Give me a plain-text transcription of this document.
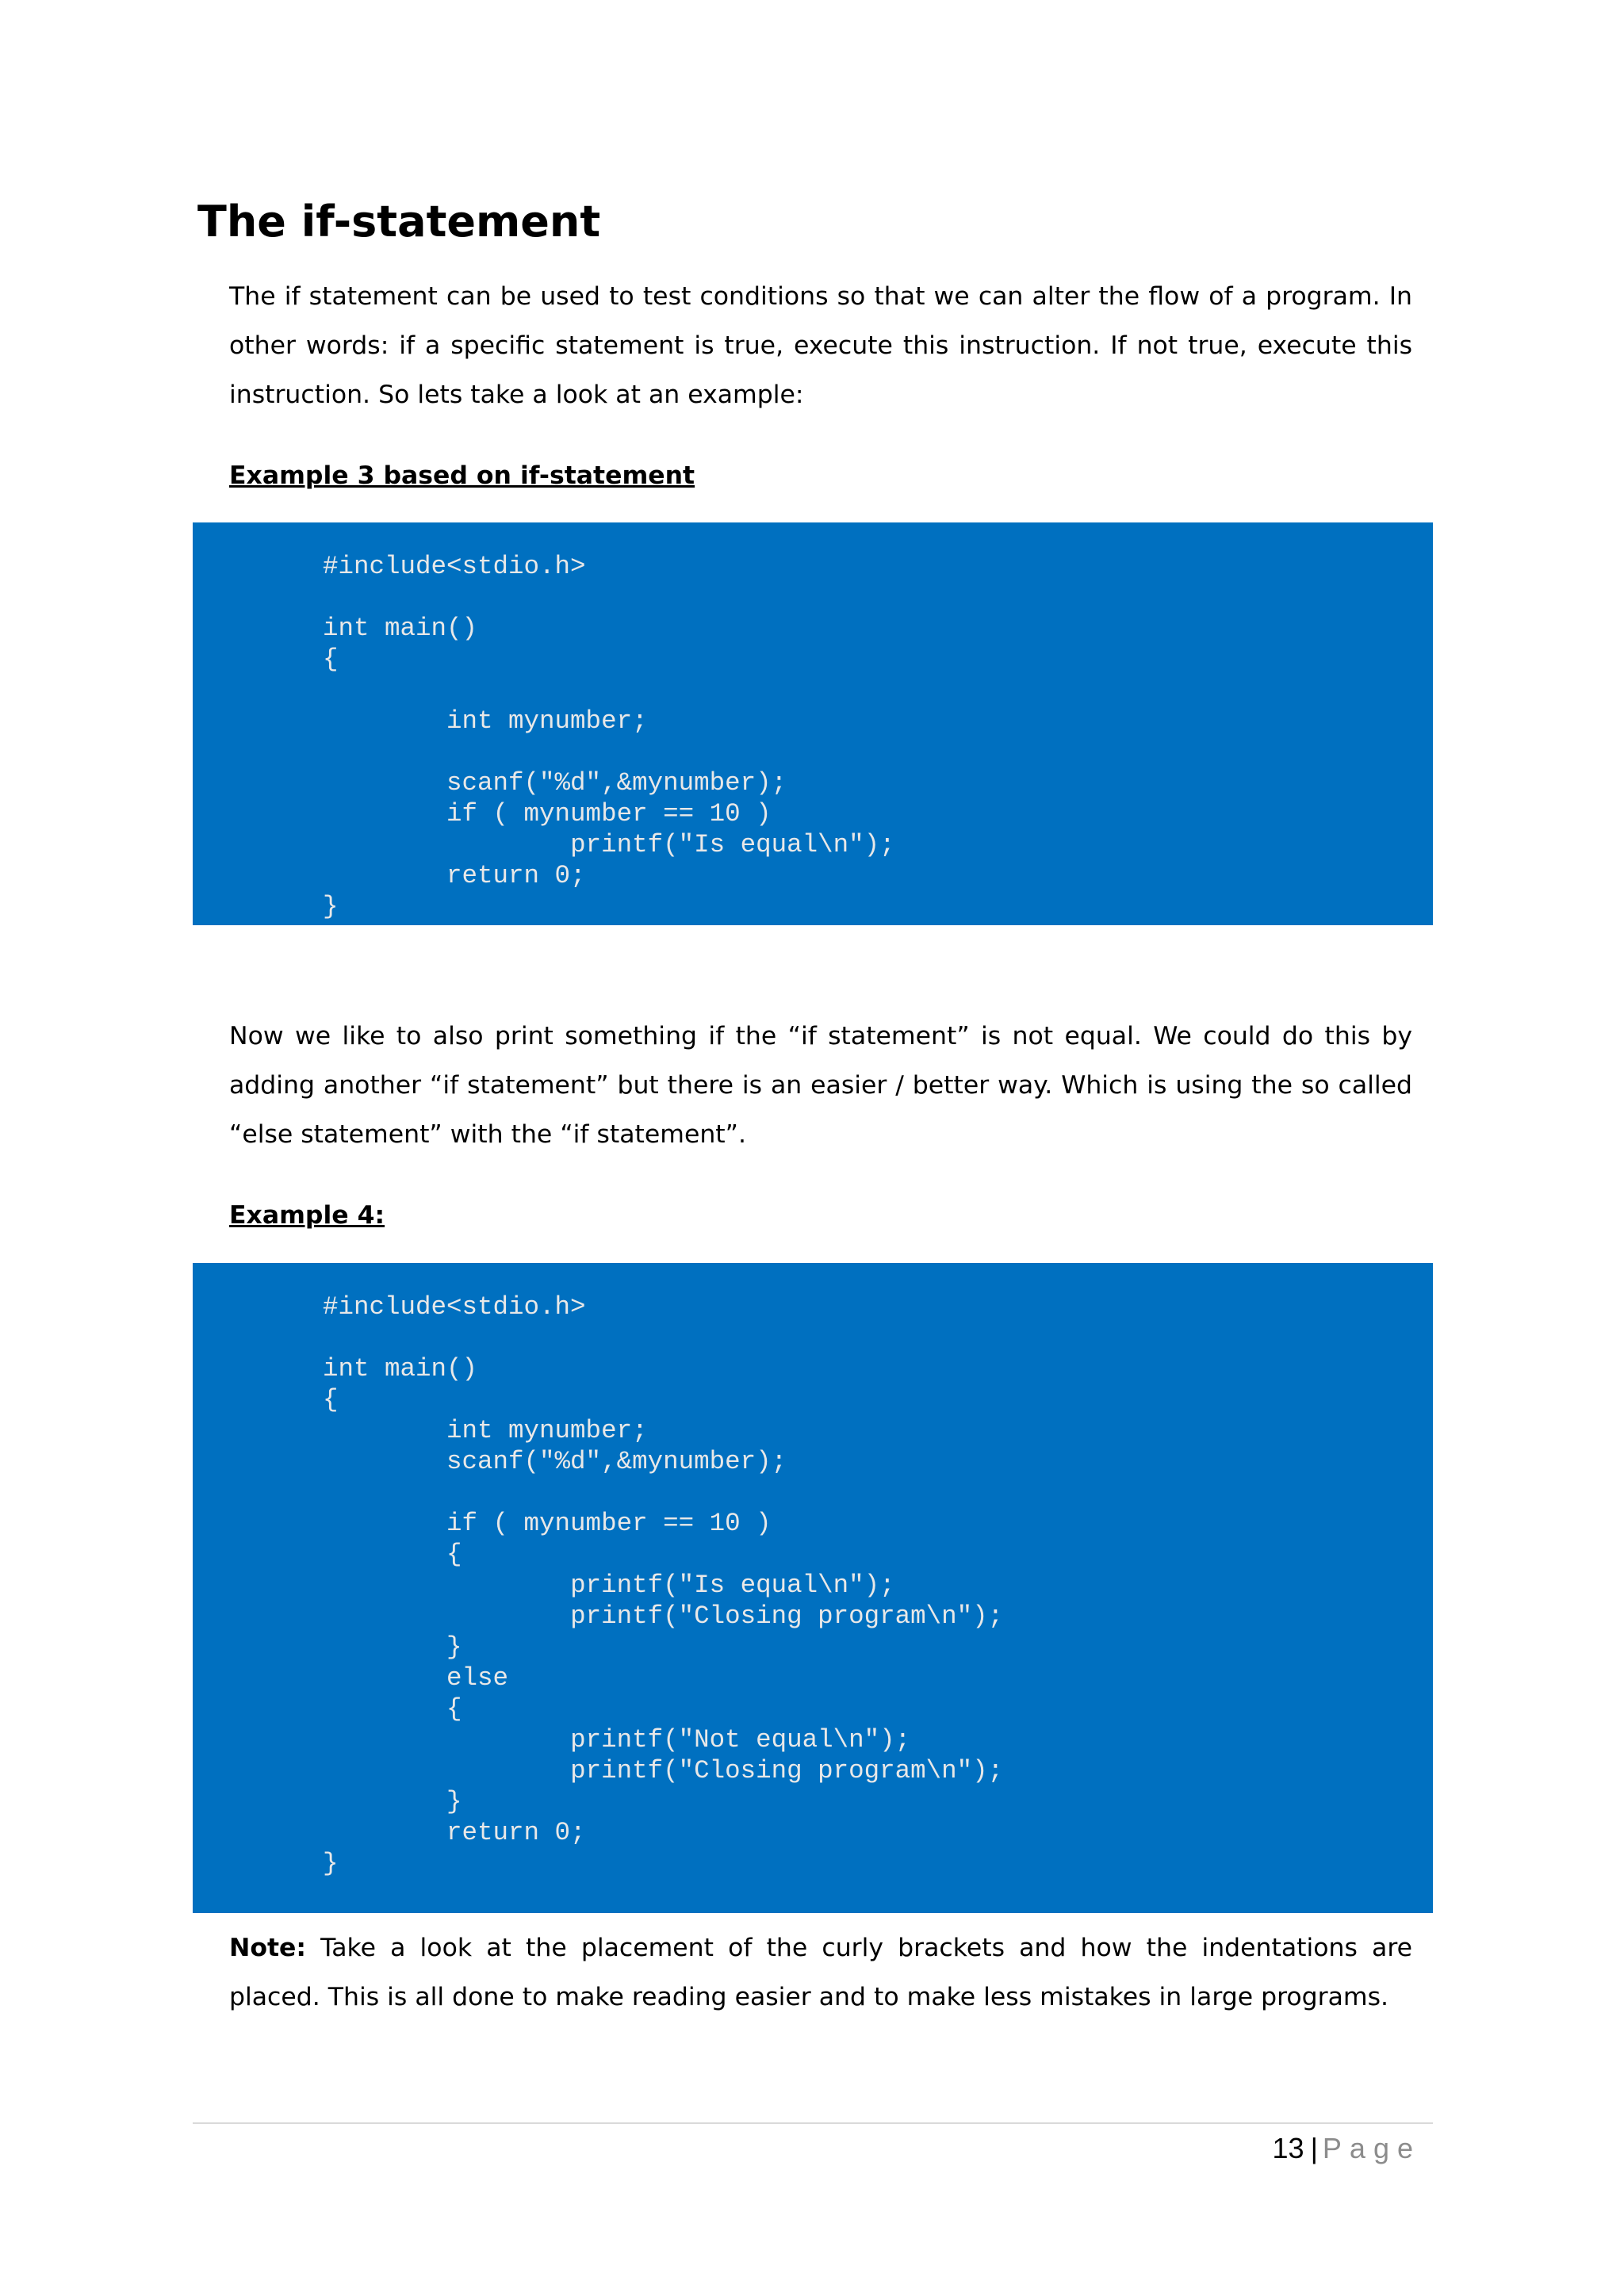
The if-statement

The if statement can be used to test conditions so that we can alter the flow of a program. In other words: if a specific statement is true, execute this instruction. If not true, execute this instruction. So lets take a look at an example:

Example 3 based on if-statement
#include<stdio.h>

int main()
{

	int mynumber;

	scanf("%d",&mynumber);
	if ( mynumber == 10 )
		printf("Is equal\n");
	return 0;
}

Now we like to also print something if the “if statement” is not equal. We could do this by adding another “if statement” but there is an easier / better way. Which is using the so called “else statement” with the “if statement”.

Example 4:
#include<stdio.h>

int main()
{
	int mynumber;
	scanf("%d",&mynumber);

	if ( mynumber == 10 )
	{
		printf("Is equal\n");
		printf("Closing program\n");
	}
	else
	{
		printf("Not equal\n");
		printf("Closing program\n");
	}
	return 0;
}

Note: Take a look at the placement of the curly brackets and how the indentations are placed. This is all done to make reading easier and to make less mistakes in large programs.

13 | Page
